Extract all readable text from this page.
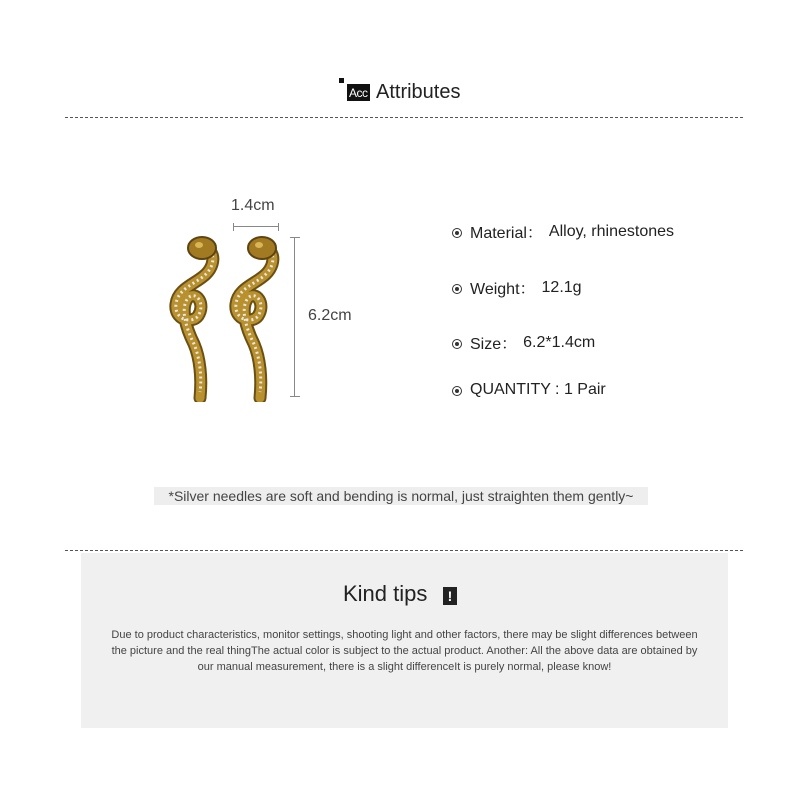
Acc Attributes
1.4cm
6.2cm
Material： Alloy, rhinestones
Weight： 12.1g
Size： 6.2*1.4cm
QUANTITY : 1 Pair
*Silver needles are soft and bending is normal, just straighten them gently~
Kind tips	!
Due to product characteristics, monitor settings, shooting light and other factors, there may be slight differences between the picture and the real thingThe actual color is subject to the actual product. Another: All the above data are obtained by our manual measurement, there is a slight differenceIt is purely normal, please know!
